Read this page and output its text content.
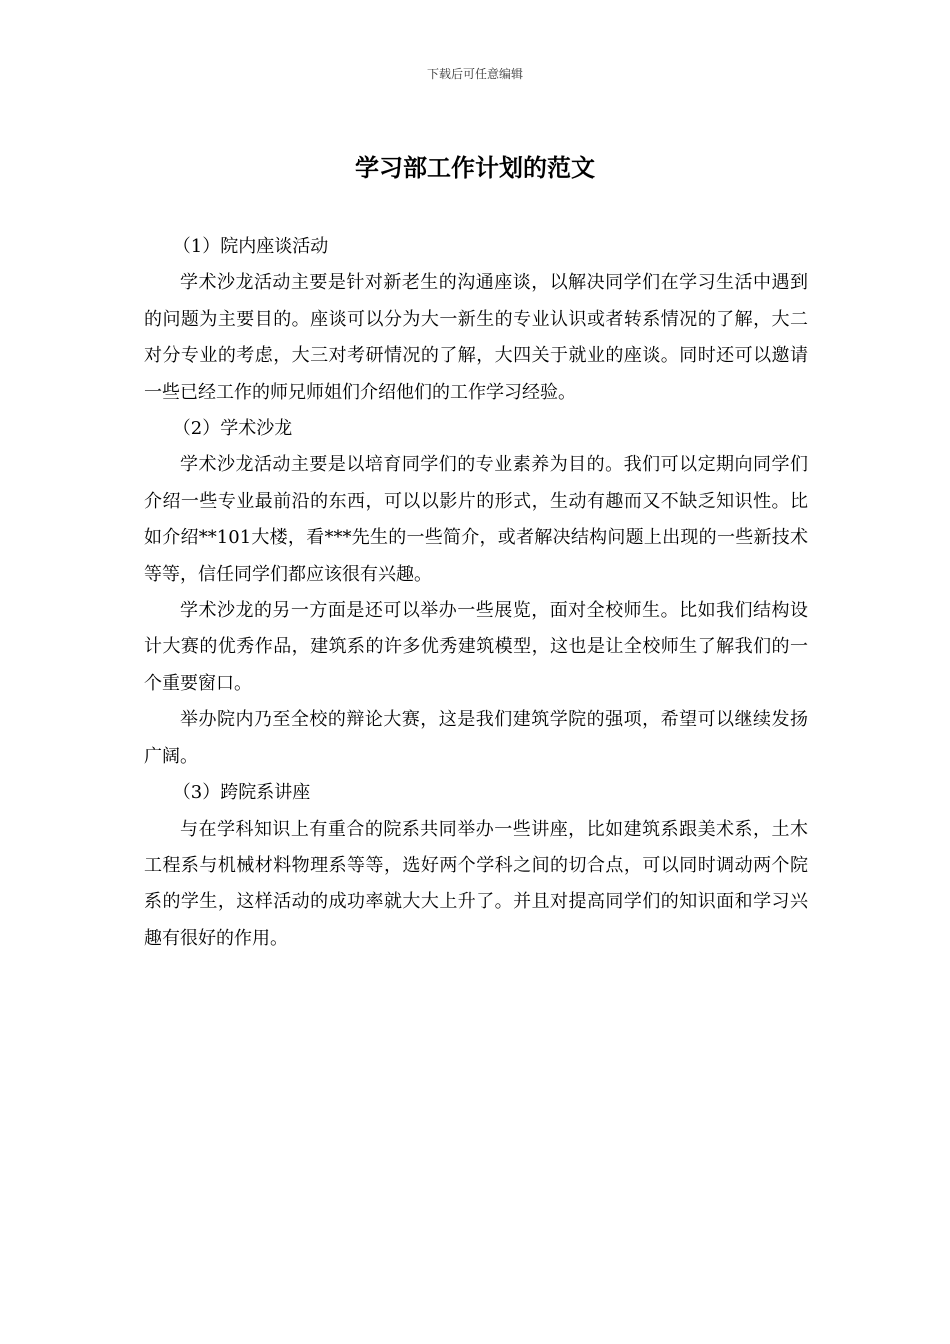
下载后可任意编辑
学习部工作计划的范文

（1）院内座谈活动

学术沙龙活动主要是针对新老生的沟通座谈，以解决同学们在学习生活中遇到的问题为主要目的。座谈可以分为大一新生的专业认识或者转系情况的了解，大二对分专业的考虑，大三对考研情况的了解，大四关于就业的座谈。同时还可以邀请一些已经工作的师兄师姐们介绍他们的工作学习经验。

（2）学术沙龙

学术沙龙活动主要是以培育同学们的专业素养为目的。我们可以定期向同学们介绍一些专业最前沿的东西，可以以影片的形式，生动有趣而又不缺乏知识性。比如介绍**101大楼，看***先生的一些简介，或者解决结构问题上出现的一些新技术等等，信任同学们都应该很有兴趣。

学术沙龙的另一方面是还可以举办一些展览，面对全校师生。比如我们结构设计大赛的优秀作品，建筑系的许多优秀建筑模型，这也是让全校师生了解我们的一个重要窗口。

举办院内乃至全校的辩论大赛，这是我们建筑学院的强项，希望可以继续发扬广阔。

（3）跨院系讲座

与在学科知识上有重合的院系共同举办一些讲座，比如建筑系跟美术系，土木工程系与机械材料物理系等等，选好两个学科之间的切合点，可以同时调动两个院系的学生，这样活动的成功率就大大上升了。并且对提高同学们的知识面和学习兴趣有很好的作用。
